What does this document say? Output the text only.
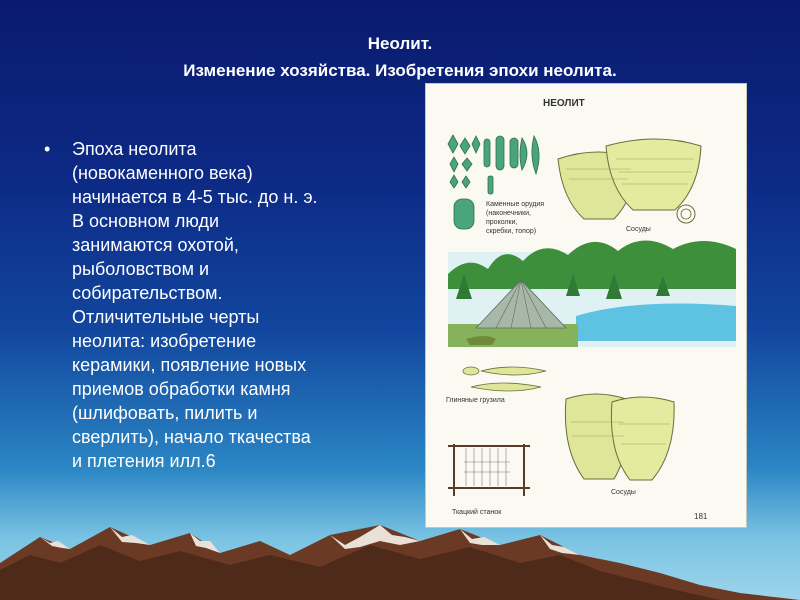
Неолит.
Изменение хозяйства. Изобретения эпохи неолита.
• Эпоха неолита
(новокаменного века)
начинается в 4-5 тыс. до н. э.
В основном люди
занимаются охотой,
рыболовством и
собирательством.
Отличительные черты
неолита: изобретение
керамики, появление новых
приемов обработки камня
(шлифовать, пилить и
сверлить), начало ткачества
и плетения илл.6
НЕОЛИТ
Каменные орудия
(наконечники,
проколки,
скребки, топор)	Сосуды
Глиняные грузила
Сосуды
Ткацкий станок	181
